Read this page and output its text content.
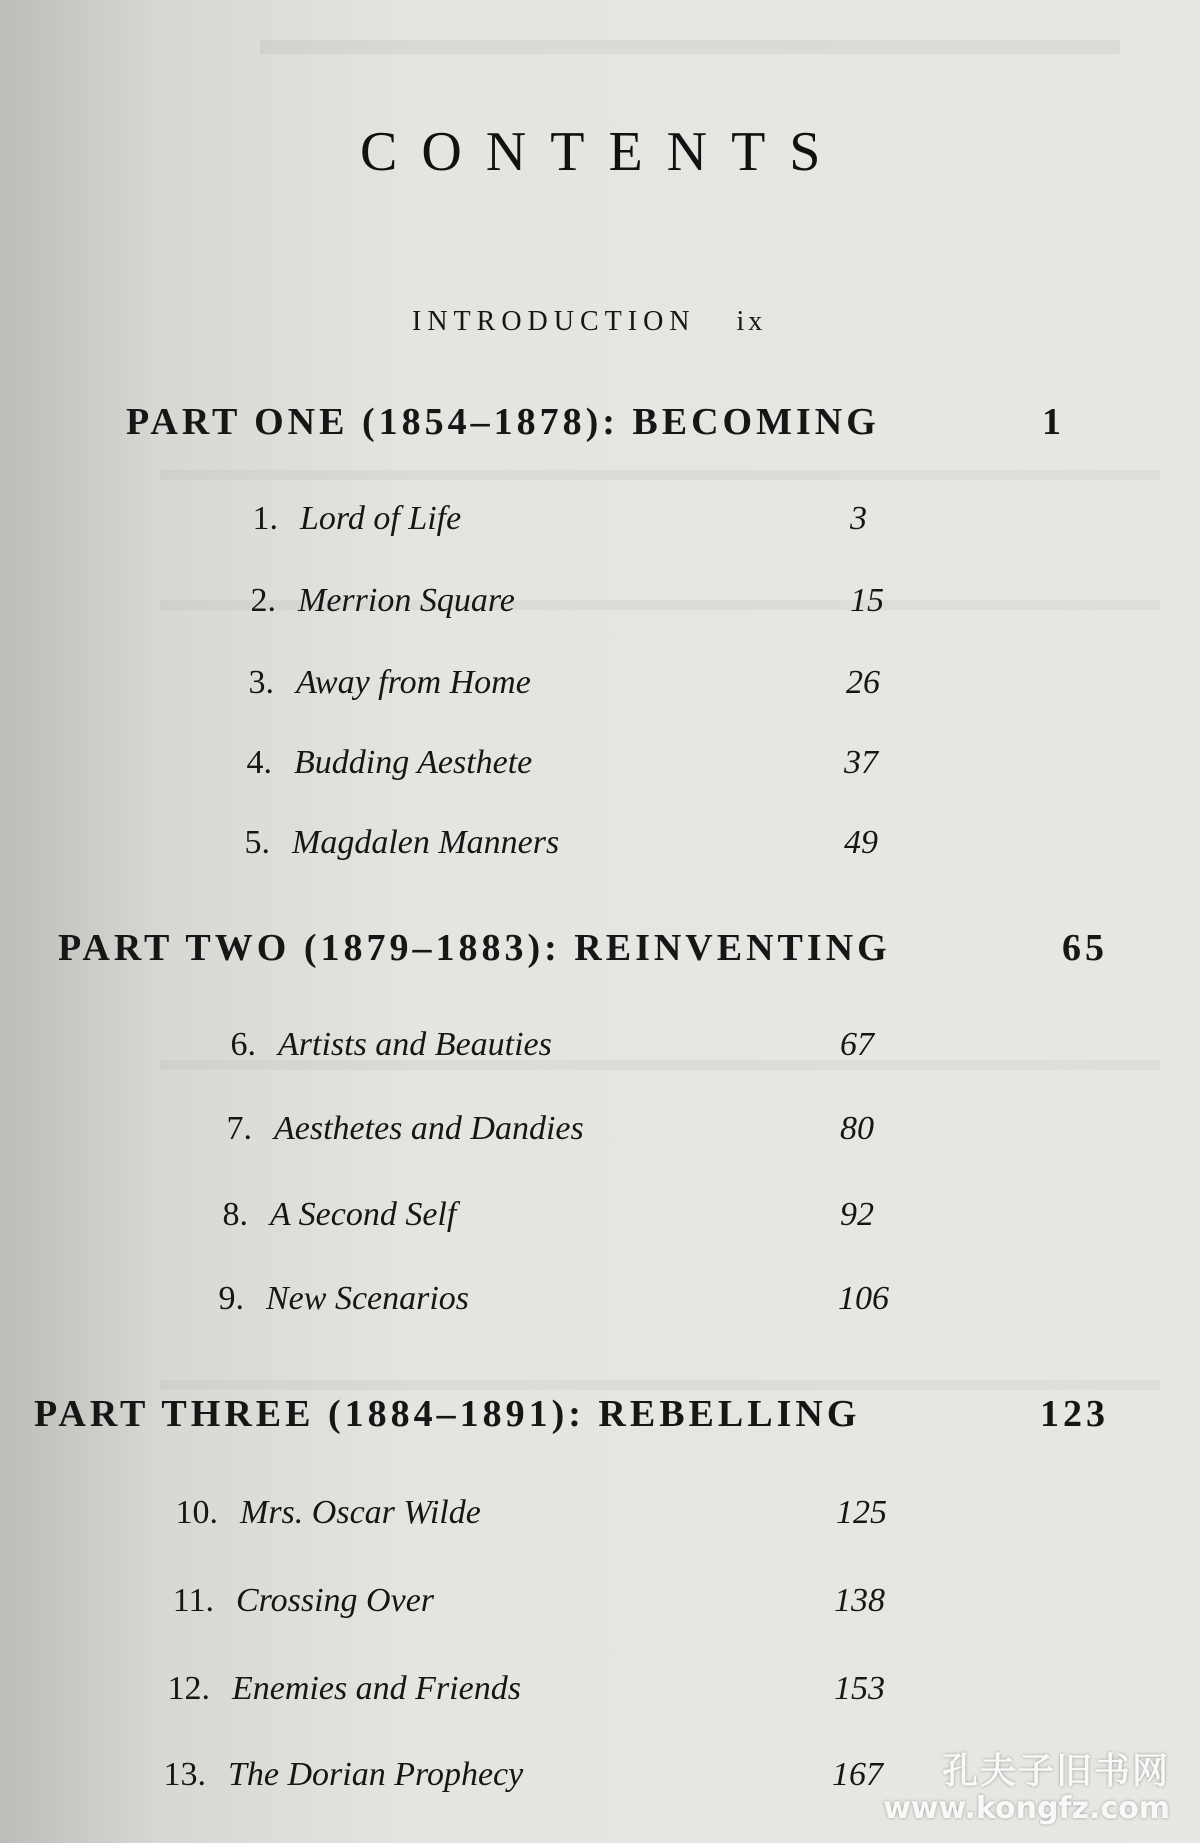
CONTENTS
INTRODUCTION ix
PART ONE (1854–1878): BECOMING	1
1. Lord of Life	3
2. Merrion Square	15
3. Away from Home	26
4. Budding Aesthete	37
5. Magdalen Manners	49
PART TWO (1879–1883): REINVENTING	65
6. Artists and Beauties	67
7. Aesthetes and Dandies	80
8. A Second Self	92
9. New Scenarios	106
PART THREE (1884–1891): REBELLING	123
10. Mrs. Oscar Wilde	125
11. Crossing Over	138
12. Enemies and Friends	153
13. The Dorian Prophecy	167	孔夫子旧书网
www.kongfz.com
